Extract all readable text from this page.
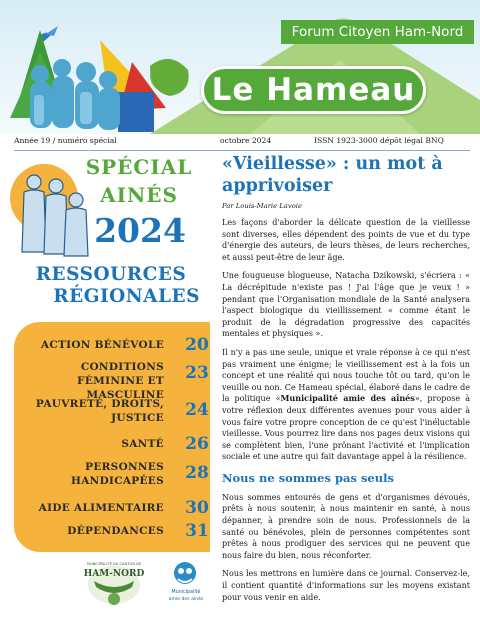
Forum Citoyen Ham-Nord
Le Hameau
Année 19 / numéro spécial	octobre 2024	ISSN 1923-3000 dépôt légal BNQ
SPÉCIAL
AINÉS
2024
RESSOURCES
RÉGIONALES
ACTION BÉNÉVOLE 20
CONDITIONS FÉMININE ET MASCULINE
23
PAUVRETÉ, DROITS, JUSTICE 24
SANTÉ 26
PERSONNES HANDICAPÉES 28
AIDE ALIMENTAIRE 30
DÉPENDANCES 31
MUNICIPALITÉ DU CANTON DE
HAM-NORD
Municipalité
amie des aînés
«Vieillesse» : un mot à apprivoiser
Par Louis-Marie Lavoie

Les façons d'aborder la délicate question de la vieillesse sont diverses, elles dépendent des points de vue et du type d'énergie des auteurs, de leurs thèses, de leurs recherches, et aussi peut-être de leur âge.

Une fougueuse blogueuse, Natacha Dzikowski, s'écriera : « La décrépitude n'existe pas ! J'ai l'âge que je veux ! » pendant que l'Organisation mondiale de la Santé analysera l'aspect biologique du vieillissement « comme étant le produit de la dégradation progressive des capacités mentales et physiques ».

Il n'y a pas une seule, unique et vraie réponse à ce qui n'est pas vraiment une énigme; le vieillissement est à la fois un concept et une réalité qui nous touche tôt ou tard, qu'on le veuille ou non. Ce Hameau spécial, élaboré dans le cadre de la politique «Municipalité amie des aînés», propose à votre réflexion deux différentes avenues pour vous aider à vous faire votre propre conception de ce qu'est l'inéluctable vieillesse. Vous pourrez lire dans nos pages deux visions qui se complètent bien, l'une prônant l'activité et l'implication sociale et une autre qui fait davantage appel à la résilience.

Nous ne sommes pas seuls

Nous sommes entourés de gens et d'organismes dévoués, prêts à nous soutenir, à nous maintenir en santé, à nous dépanner, à prendre soin de nous. Professionnels de la santé ou bénévoles, plein de personnes compétentes sont prêtes à nous prodiguer des services qui ne peuvent que nous faire du bien, nous réconforter.

Nous les mettrons en lumière dans ce journal. Conservez-le, il contient quantité d'informations sur les moyens existant pour vous venir en aide.
